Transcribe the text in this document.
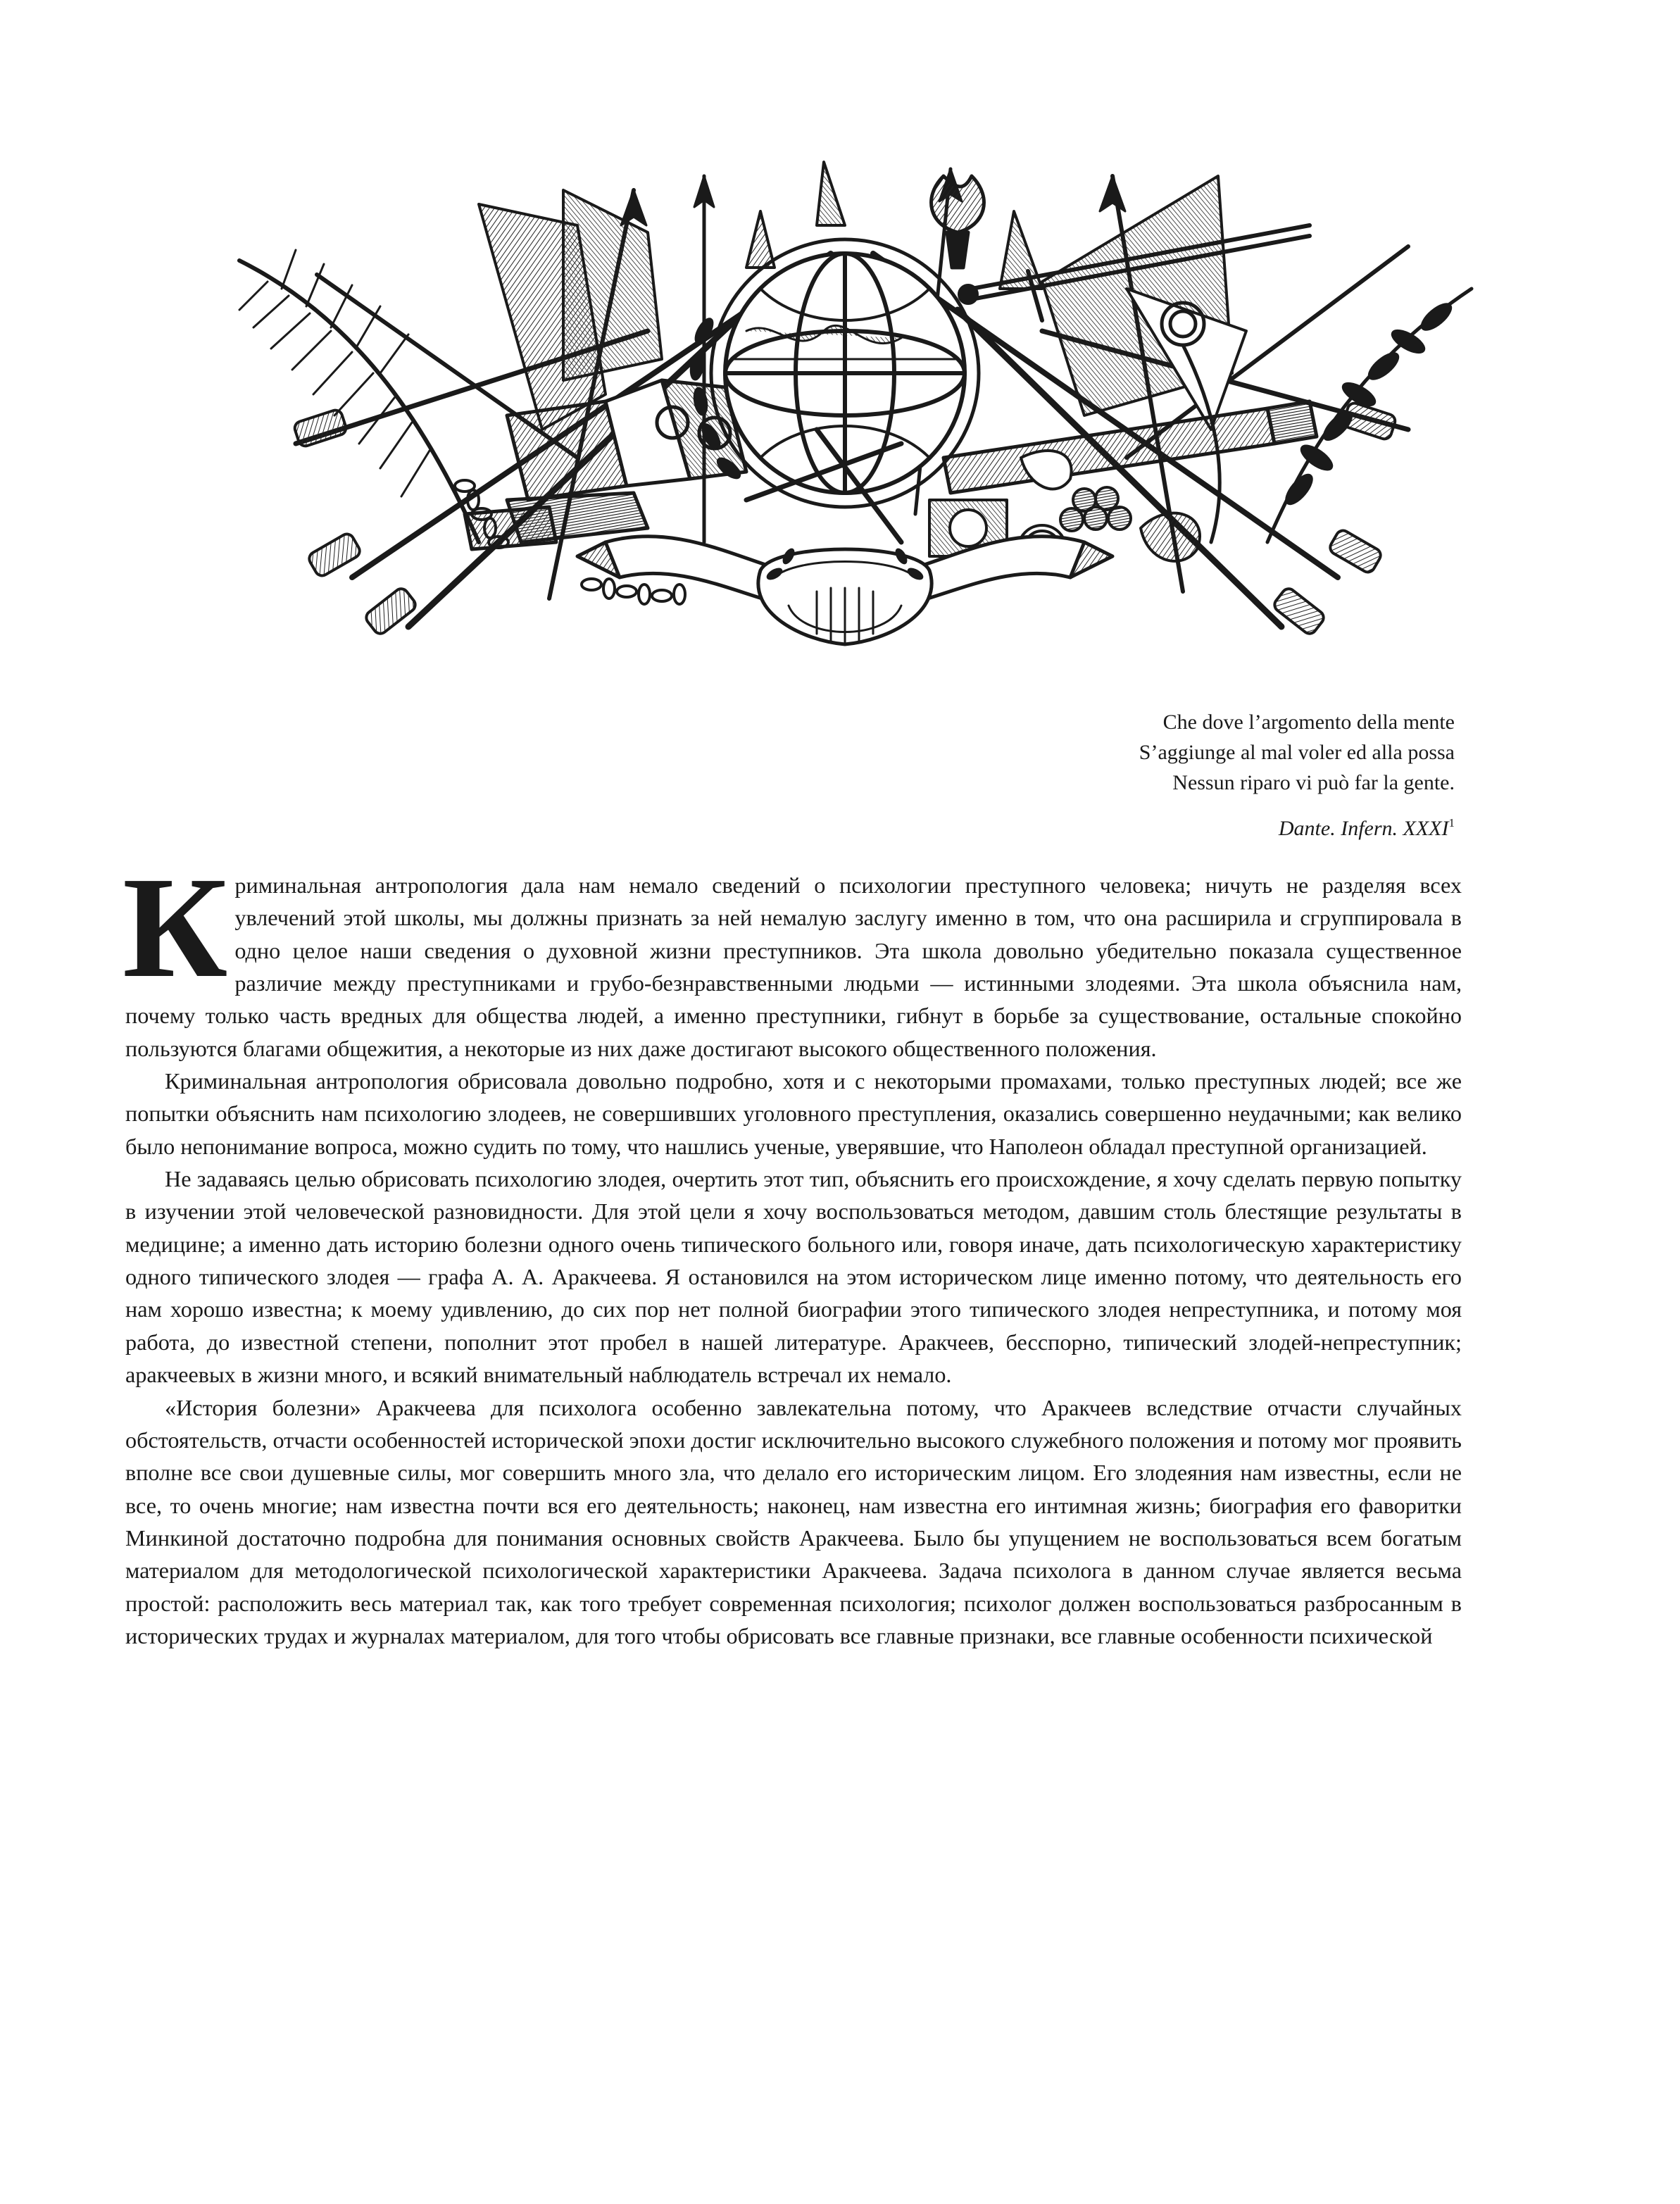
Che dove l’argomento della mente
S’aggiunge al mal voler ed alla possa
Nessun riparo vi può far la gente.
Dante. Infern. XXXI$^1$

Криминальная антропология дала нам немало сведений о психологии преступного человека; ничуть не разделяя всех увлечений этой школы, мы должны признать за ней немалую заслугу именно в том, что она расширила и сгруппировала в одно целое наши сведения о духовной жизни преступников. Эта школа довольно убедительно показала существенное различие между преступниками и грубо-безнравственными людьми — истинными злодеями. Эта школа объяснила нам, почему только часть вредных для общества людей, а именно преступники, гибнут в борьбе за существование, остальные спокойно пользуются благами общежития, а некоторые из них даже достигают высокого общественного положения.

Криминальная антропология обрисовала довольно подробно, хотя и с некоторыми промахами, только преступных людей; все же попытки объяснить нам психологию злодеев, не совершивших уголовного преступления, оказались совершенно неудачными; как велико было непонимание вопроса, можно судить по тому, что нашлись ученые, уверявшие, что Наполеон обладал преступной организацией.

Не задаваясь целью обрисовать психологию злодея, очертить этот тип, объяснить его происхождение, я хочу сделать первую попытку в изучении этой человеческой разновидности. Для этой цели я хочу воспользоваться методом, давшим столь блестящие результаты в медицине; а именно дать историю болезни одного очень типического больного или, говоря иначе, дать психологическую характеристику одного типического злодея — графа А. А. Аракчеева. Я остановился на этом историческом лице именно потому, что деятельность его нам хорошо известна; к моему удивлению, до сих пор нет полной биографии этого типического злодея непреступника, и потому моя работа, до известной степени, пополнит этот пробел в нашей литературе. Аракчеев, бесспорно, типический злодей-непреступник; аракчеевых в жизни много, и всякий внимательный наблюдатель встречал их немало.

«История болезни» Аракчеева для психолога особенно завлекательна потому, что Аракчеев вследствие отчасти случайных обстоятельств, отчасти особенностей исторической эпохи достиг исключительно высокого служебного положения и потому мог проявить вполне все свои душевные силы, мог совершить много зла, что делало его историческим лицом. Его злодеяния нам известны, если не все, то очень многие; нам известна почти вся его деятельность; наконец, нам известна его интимная жизнь; биография его фаворитки Минкиной достаточно подробна для понимания основных свойств Аракчеева. Было бы упущением не воспользоваться всем богатым материалом для методологической психологической характеристики Аракчеева. Задача психолога в данном случае является весьма простой: расположить весь материал так, как того требует современная психология; психолог должен воспользоваться разбросанным в исторических трудах и журналах материалом, для того чтобы обрисовать все главные признаки, все главные особенности психической
